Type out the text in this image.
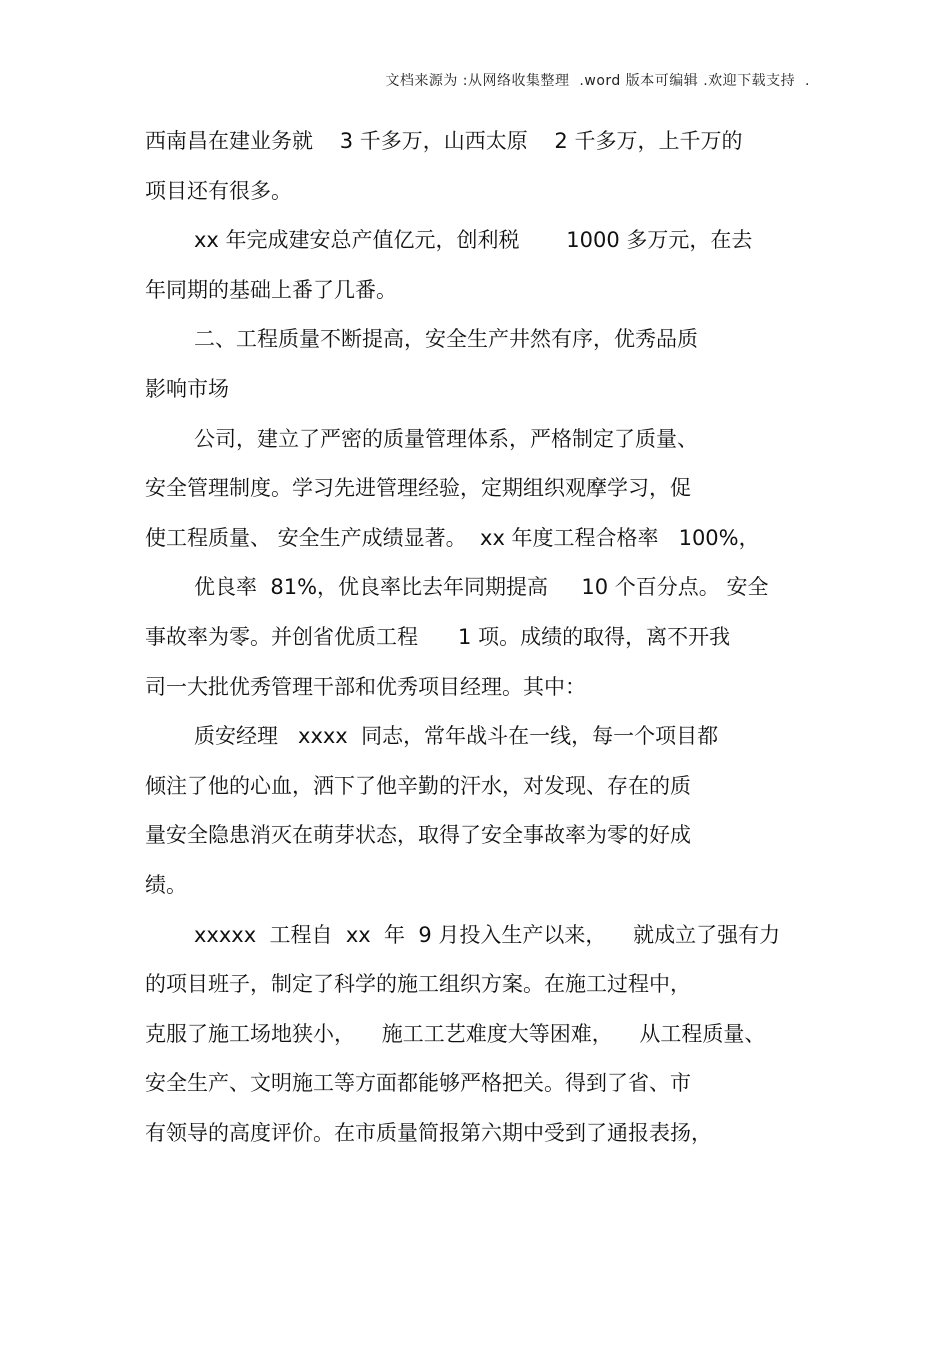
文档来源为 :从网络收集整理  .word 版本可编辑 .欢迎下载支持  .
西南昌在建业务就    3 千多万，山西太原    2 千多万，上千万的
项目还有很多。
xx 年完成建安总产值亿元，创利税       1000 多万元，在去
年同期的基础上番了几番。
二、工程质量不断提高，安全生产井然有序，优秀品质
影响市场
公司，建立了严密的质量管理体系，严格制定了质量、
安全管理制度。学习先进管理经验，定期组织观摩学习，促
使工程质量、 安全生产成绩显著。  xx 年度工程合格率   100%，
优良率  81%，优良率比去年同期提高     10 个百分点。 安全
事故率为零。并创省优质工程      1 项。成绩的取得，离不开我
司一大批优秀管理干部和优秀项目经理。其中：
质安经理   xxxx  同志，常年战斗在一线，每一个项目都
倾注了他的心血，洒下了他辛勤的汗水，对发现、存在的质
量安全隐患消灭在萌芽状态，取得了安全事故率为零的好成
绩。
xxxxx  工程自  xx  年  9 月投入生产以来，    就成立了强有力
的项目班子，制定了科学的施工组织方案。在施工过程中，
克服了施工场地狭小，    施工工艺难度大等困难，    从工程质量、
安全生产、文明施工等方面都能够严格把关。得到了省、市
有领导的高度评价。在市质量简报第六期中受到了通报表扬，
